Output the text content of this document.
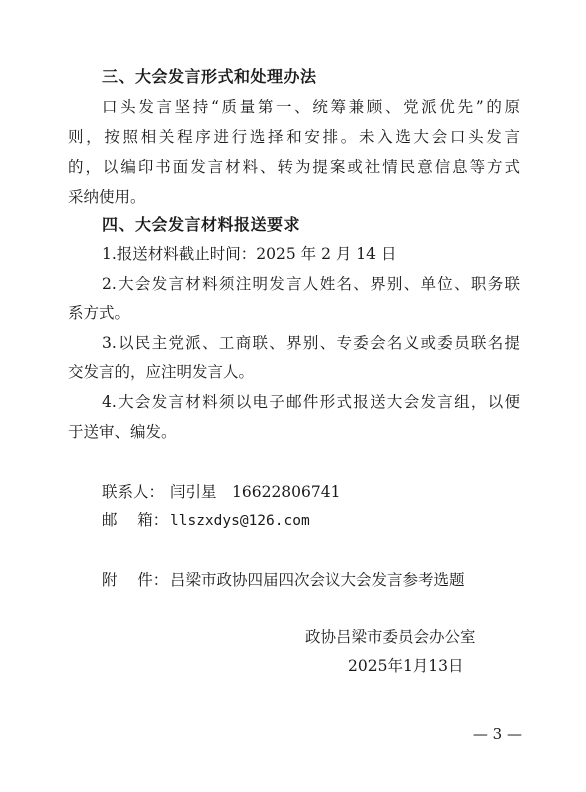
三、大会发言形式和处理办法
口头发言坚持“质量第一、统筹兼顾、党派优先”的原
则，按照相关程序进行选择和安排。未入选大会口头发言
的，以编印书面发言材料、转为提案或社情民意信息等方式
采纳使用。
四、大会发言材料报送要求
1.报送材料截止时间：2025 年 2 月 14 日
2.大会发言材料须注明发言人姓名、界别、单位、职务联
系方式。
3.以民主党派、工商联、界别、专委会名义或委员联名提
交发言的，应注明发言人。
4.大会发言材料须以电子邮件形式报送大会发言组，以便
于送审、编发。
联系人： 闫引星 16622806741
邮    箱： llszxdys@126.com
附    件： 吕梁市政协四届四次会议大会发言参考选题
政协吕梁市委员会办公室
2025年1月13日
— 3 —
